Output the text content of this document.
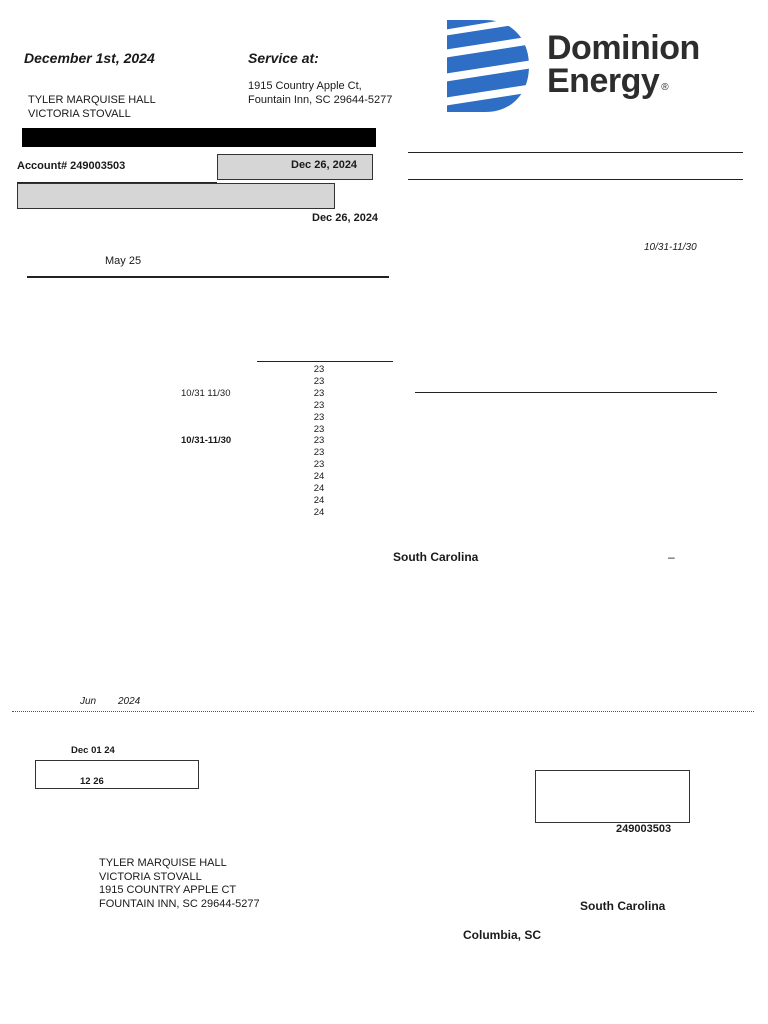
December 1st, 2024	Service at:
1915 Country Apple Ct,
Fountain Inn, SC 29644-5277
TYLER MARQUISE HALL
VICTORIA STOVALL
Dominion
Energy ®
Account# 249003503	Dec 26, 2024
Dec 26, 2024
May 25
10/31-11/30
23
23
23
23
23
23
23
23
23
24
24
24
24
10/31 11/30
10/31-11/30
South Carolina	–
Jun 2024
Dec 01 24
12 26
249003503
TYLER MARQUISE HALL
VICTORIA STOVALL
1915 COUNTRY APPLE CT
FOUNTAIN INN, SC 29644-5277	South Carolina
Columbia, SC
